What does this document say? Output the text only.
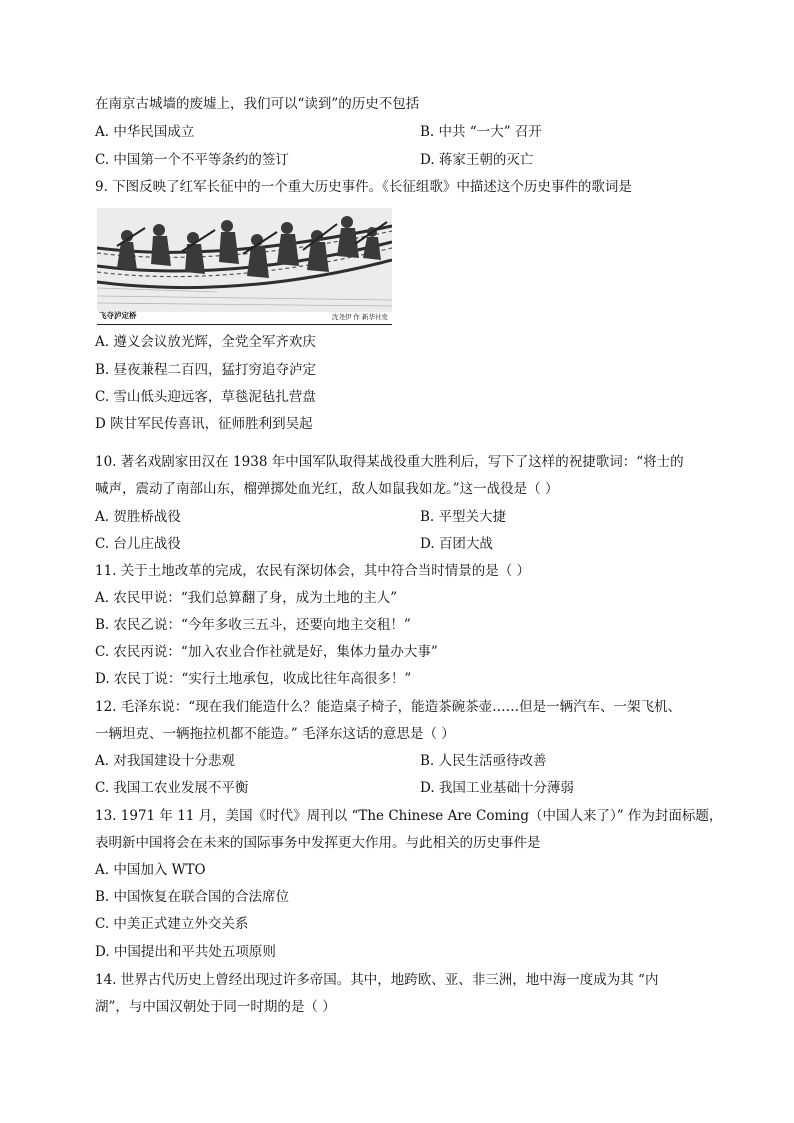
在南京古城墙的废墟上，我们可以“读到”的历史不包括
A. 中华民国成立	B. 中共 “一大” 召开
C. 中国第一个不平等条约的签订	D. 蒋家王朝的灭亡
9. 下图反映了红军长征中的一个重大历史事件。《长征组歌》中描述这个历史事件的歌词是
飞夺泸定桥	沈尧伊 作 新华社发
A. 遵义会议放光辉，全党全军齐欢庆
B. 昼夜兼程二百四，猛打穷追夺泸定
C. 雪山低头迎远客，草毯泥毡扎营盘
D 陕甘军民传喜讯，征师胜利到吴起
10. 著名戏剧家田汉在 1938 年中国军队取得某战役重大胜利后，写下了这样的祝捷歌词：“将士的
喊声，震动了南部山东，榴弹掷处血光红，敌人如鼠我如龙。”这一战役是（ ）
A. 贺胜桥战役	B. 平型关大捷
C. 台儿庄战役	D. 百团大战
11. 关于土地改革的完成，农民有深切体会，其中符合当时情景的是（ ）
A. 农民甲说：“我们总算翻了身，成为土地的主人”
B. 农民乙说：“今年多收三五斗，还要向地主交租！”
C. 农民丙说：“加入农业合作社就是好，集体力量办大事”
D. 农民丁说：“实行土地承包，收成比往年高很多！”
12. 毛泽东说：“现在我们能造什么？能造桌子椅子，能造茶碗茶壶……但是一辆汽车、一架飞机、
一辆坦克、一辆拖拉机都不能造。” 毛泽东这话的意思是（ ）
A. 对我国建设十分悲观	B. 人民生活亟待改善
C. 我国工农业发展不平衡	D. 我国工业基础十分薄弱
13. 1971 年 11 月，美国《时代》周刊以 “The Chinese Are Coming（中国人来了）” 作为封面标题，
表明新中国将会在未来的国际事务中发挥更大作用。与此相关的历史事件是
A. 中国加入 WTO
B. 中国恢复在联合国的合法席位
C. 中美正式建立外交关系
D. 中国提出和平共处五项原则
14. 世界古代历史上曾经出现过许多帝国。其中，地跨欧、亚、非三洲，地中海一度成为其 “内
湖”，与中国汉朝处于同一时期的是（ ）
